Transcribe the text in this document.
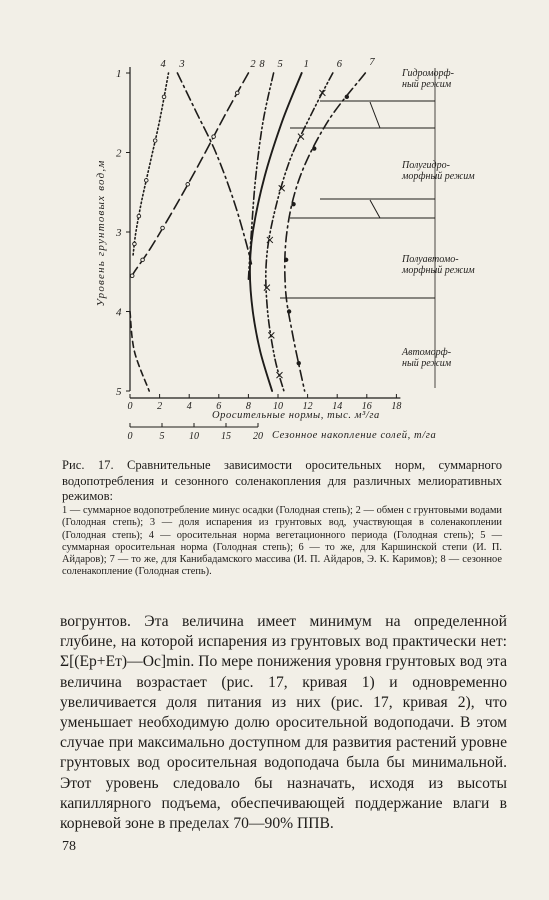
1
2
3
4
5
Уровень грунтовых вод,м
0 2 4 6 8 10 12 14 16 18
Оросительные нормы, тыс. м³/га
0	5 10 15 20 Сезонное накопление солей, т/га
4 3	2 8 5 1	6	7
Гидроморф-ный режим
Полугидро-морфный режим
Полуавтомо-морфный режим
Автоморф-ный режим
Рис. 17. Сравнительные зависимости оросительных норм, суммарного водопотребления и сезонного соленакопления для различных мелиоративных режимов:
1 — суммарное водопотребление минус осадки (Голодная степь); 2 — обмен с грунтовыми водами (Голодная степь); 3 — доля испарения из грунтовых вод, участвующая в соленакоплении (Голодная степь); 4 — оросительная норма вегетационного периода (Голодная степь); 5 — суммарная оросительная норма (Голодная степь); 6 — то же, для Каршинской степи (И. П. Айдаров); 7 — то же, для Канибадамского массива (И. П. Айдаров, Э. К. Каримов); 8 — сезонное соленакопление (Голодная степь).

вогрунтов. Эта величина имеет минимум на определенной глубине, на которой испарения из грунтовых вод практически нет: Σ[(Eр+Eт)—Oc]min. По мере понижения уровня грунтовых вод эта величина возрастает (рис. 17, кривая 1) и одновременно увеличивается доля питания из них (рис. 17, кривая 2), что уменьшает необходимую долю оросительной водоподачи. В этом случае при максимально доступном для развития растений уровне грунтовых вод оросительная водоподача была бы минимальной. Этот уровень следовало бы назначать, исходя из высоты капиллярного подъема, обеспечивающей поддержание влаги в корневой зоне в пределах 70—90% ППВ.

78
